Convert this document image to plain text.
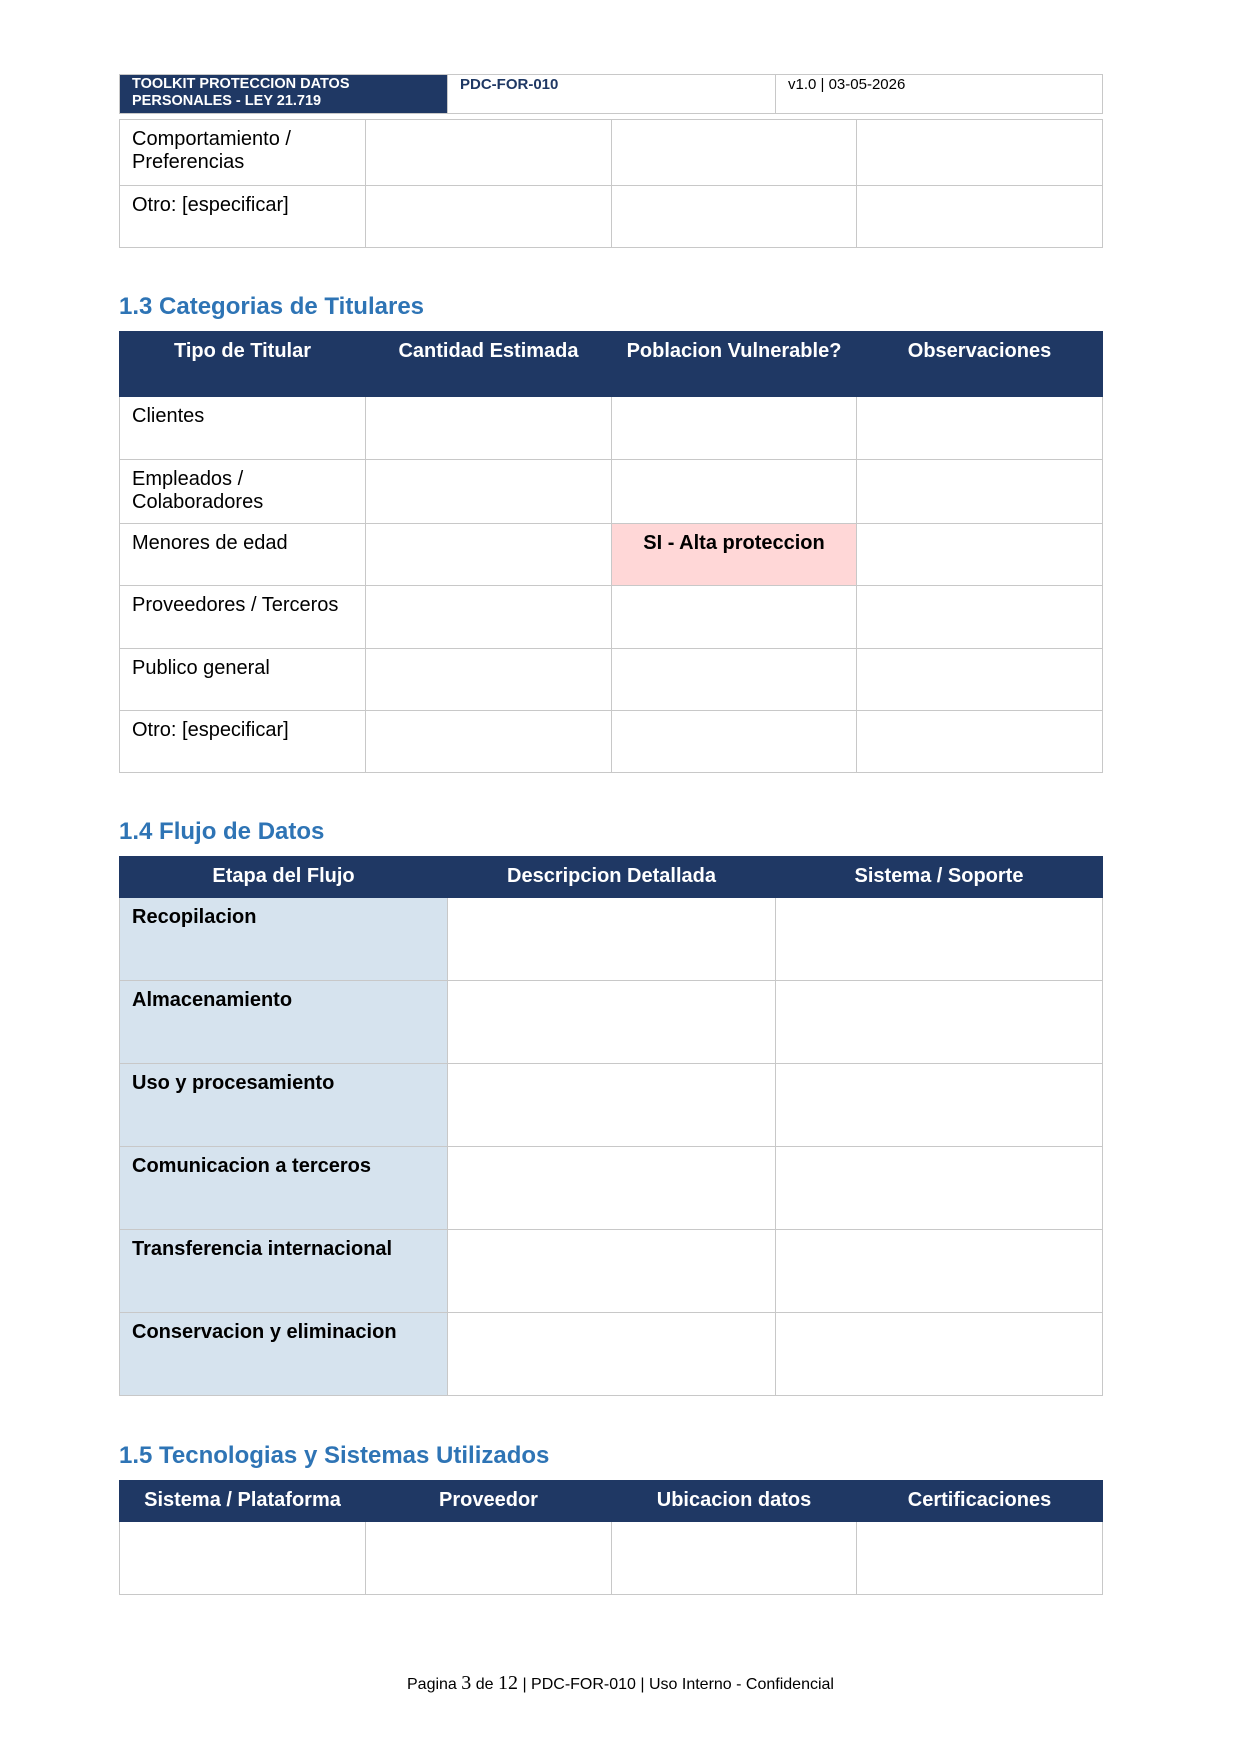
TOOLKIT PROTECCION DATOS PERSONALES - LEY 21.719	PDC-FOR-010	v1.0 | 03-05-2026
Comportamiento / Preferencias			
Otro: [especificar]			
1.3 Categorias de Titulares
Tipo de Titular	Cantidad Estimada	Poblacion Vulnerable?	Observaciones
Clientes			
Empleados / Colaboradores			
Menores de edad		SI - Alta proteccion	
Proveedores / Terceros			
Publico general			
Otro: [especificar]			
1.4 Flujo de Datos
Etapa del Flujo	Descripcion Detallada	Sistema / Soporte
Recopilacion		
Almacenamiento		
Uso y procesamiento		
Comunicacion a terceros		
Transferencia internacional		
Conservacion y eliminacion		
1.5 Tecnologias y Sistemas Utilizados
Sistema / Plataforma	Proveedor	Ubicacion datos	Certificaciones

Pagina 3 de 12 | PDC-FOR-010 | Uso Interno - Confidencial
